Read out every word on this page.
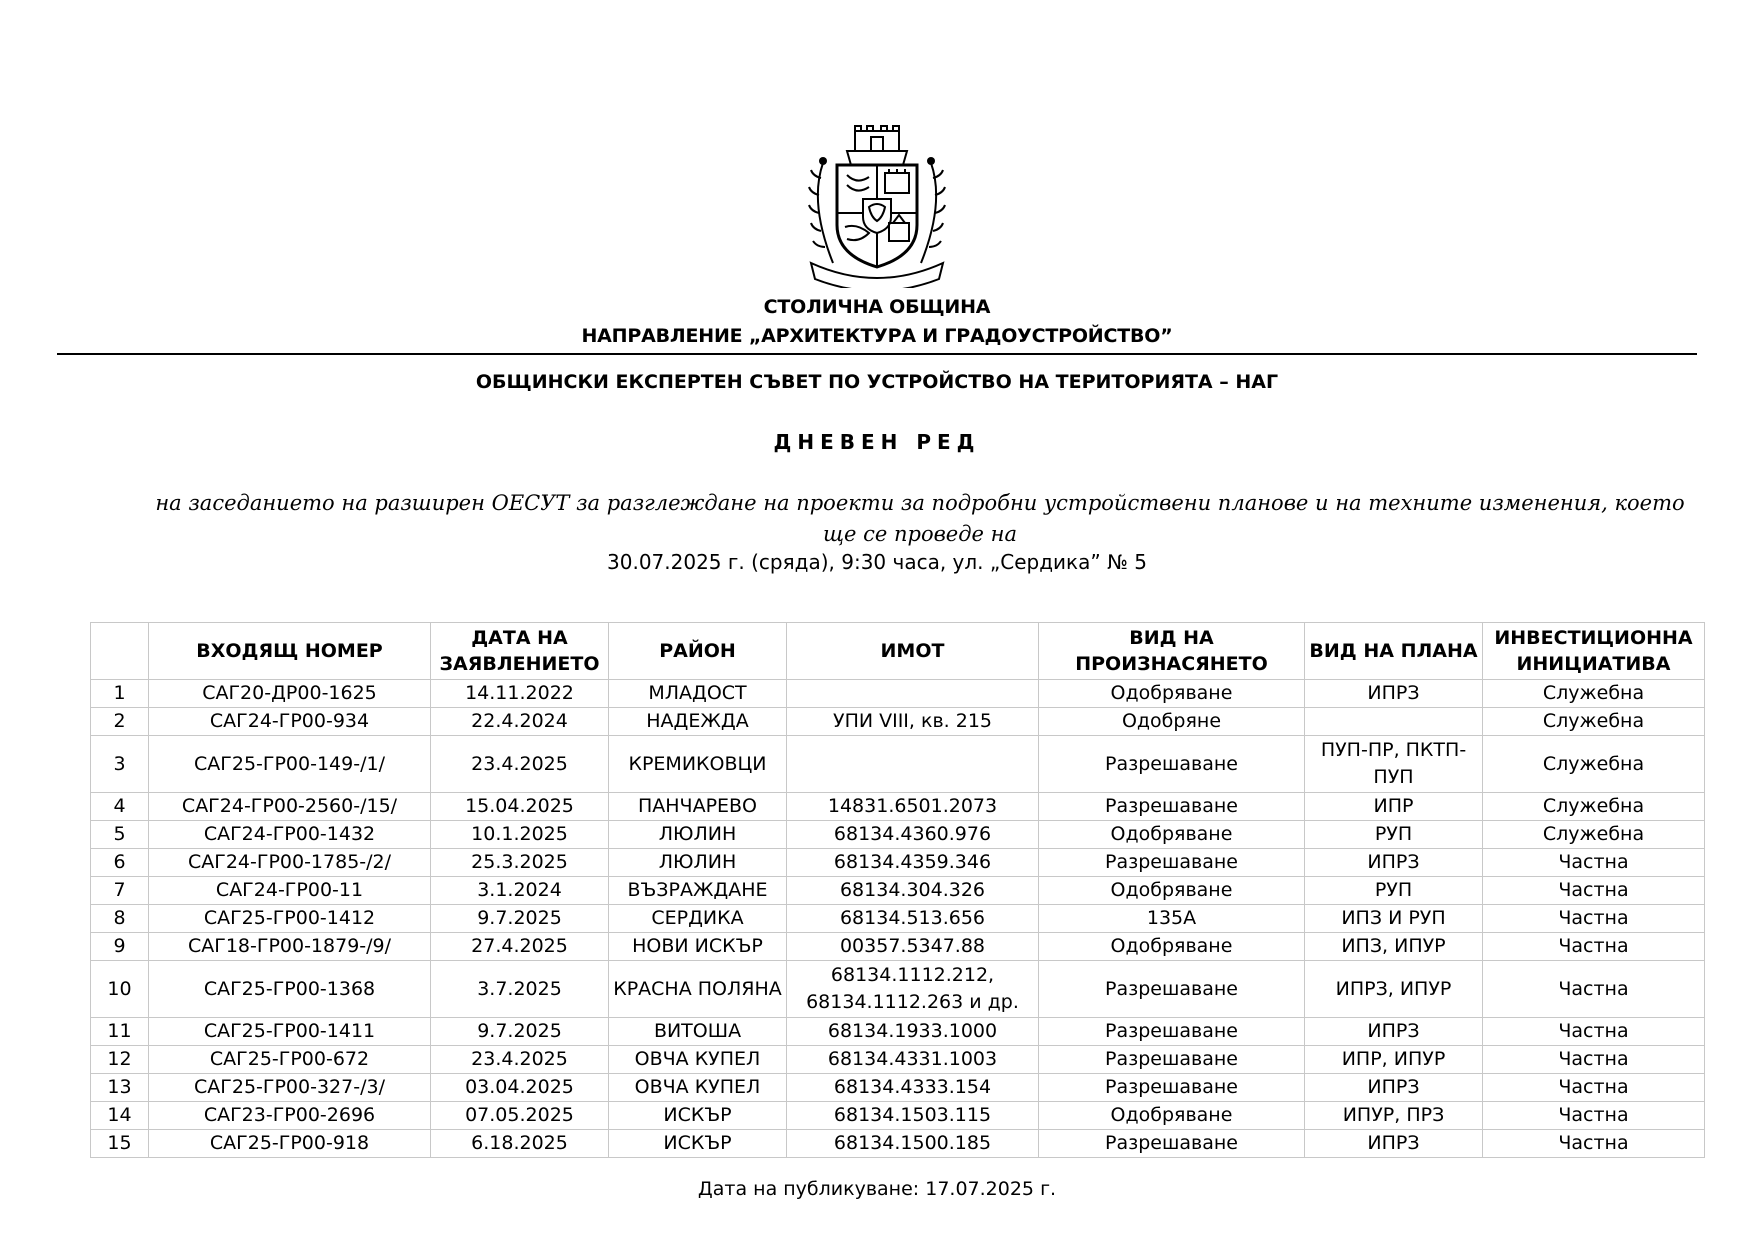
СТОЛИЧНА ОБЩИНА
НАПРАВЛЕНИЕ „АРХИТЕКТУРА И ГРАДОУСТРОЙСТВО”
ОБЩИНСКИ ЕКСПЕРТЕН СЪВЕТ ПО УСТРОЙСТВО НА ТЕРИТОРИЯТА – НАГ
ДНЕВЕН РЕД
на заседанието на разширен ОЕСУТ за разглеждане на проекти за подробни устройствени планове и на техните изменения, което
ще се проведе на
30.07.2025 г. (сряда), 9:30 часа, ул. „Сердика” № 5
	ВХОДЯЩ НОМЕР	ДАТА НА ЗАЯВЛЕНИЕТО	РАЙОН	ИМОТ	ВИД НА ПРОИЗНАСЯНЕТО	ВИД НА ПЛАНА	ИНВЕСТИЦИОННА ИНИЦИАТИВА
1	САГ20-ДР00-1625	14.11.2022	МЛАДОСТ		Одобряване	ИПРЗ	Служебна
2	САГ24-ГР00-934	22.4.2024	НАДЕЖДА	УПИ VIII, кв. 215	Одобряне		Служебна
3	САГ25-ГР00-149-/1/	23.4.2025	КРЕМИКОВЦИ		Разрешаване	ПУП-ПР, ПКТП-ПУП	Служебна
4	САГ24-ГР00-2560-/15/	15.04.2025	ПАНЧАРЕВО	14831.6501.2073	Разрешаване	ИПР	Служебна
5	САГ24-ГР00-1432	10.1.2025	ЛЮЛИН	68134.4360.976	Одобряване	РУП	Служебна
6	САГ24-ГР00-1785-/2/	25.3.2025	ЛЮЛИН	68134.4359.346	Разрешаване	ИПРЗ	Частна
7	САГ24-ГР00-11	3.1.2024	ВЪЗРАЖДАНЕ	68134.304.326	Одобряване	РУП	Частна
8	САГ25-ГР00-1412	9.7.2025	СЕРДИКА	68134.513.656	135А	ИПЗ И РУП	Частна
9	САГ18-ГР00-1879-/9/	27.4.2025	НОВИ ИСКЪР	00357.5347.88	Одобряване	ИПЗ, ИПУР	Частна
10	САГ25-ГР00-1368	3.7.2025	КРАСНА ПОЛЯНА	68134.1112.212, 68134.1112.263 и др.	Разрешаване	ИПРЗ, ИПУР	Частна
11	САГ25-ГР00-1411	9.7.2025	ВИТОША	68134.1933.1000	Разрешаване	ИПРЗ	Частна
12	САГ25-ГР00-672	23.4.2025	ОВЧА КУПЕЛ	68134.4331.1003	Разрешаване	ИПР, ИПУР	Частна
13	САГ25-ГР00-327-/3/	03.04.2025	ОВЧА КУПЕЛ	68134.4333.154	Разрешаване	ИПРЗ	Частна
14	САГ23-ГР00-2696	07.05.2025	ИСКЪР	68134.1503.115	Одобряване	ИПУР, ПРЗ	Частна
15	САГ25-ГР00-918	6.18.2025	ИСКЪР	68134.1500.185	Разрешаване	ИПРЗ	Частна
Дата на публикуване: 17.07.2025 г.
